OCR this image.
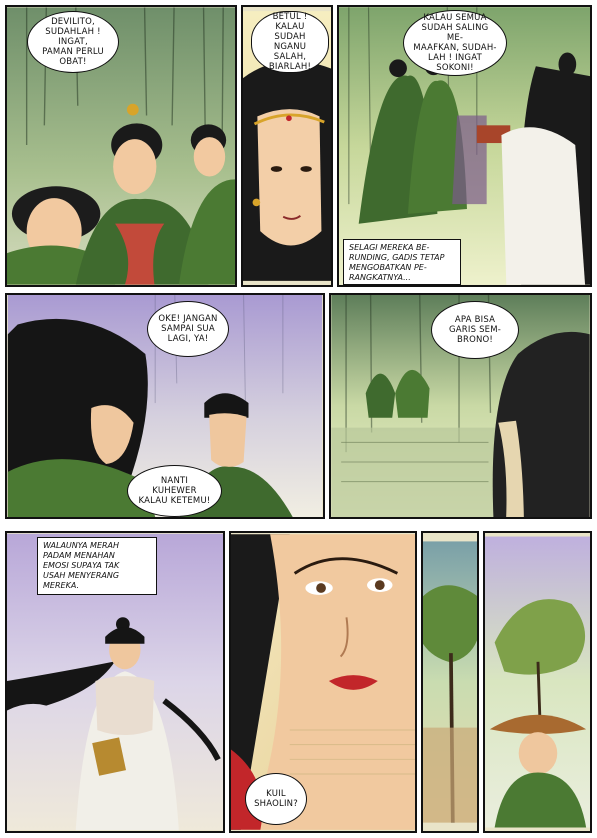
DEVILITO,
SUDAHLAH ! INGAT,
PAMAN PERLU
OBAT!
BETUL !
KALAU SUDAH
NGANU SALAH,
BIARLAH!
KALAU SEMUA
SUDAH SALING ME-
MAAFKAN, SUDAH-
LAH ! INGAT
SOKONI!
SELAGI MEREKA BE-
RUNDING, GADIS TETAP
MENGOBATKAN PE-
RANGKATNYA...
OKE! JANGAN
SAMPAI SUA
LAGI, YA!
NANTI
KUHEWER
KALAU KETEMU!
APA BISA
GARIS SEM-
BRONO!
WALAUNYA MERAH
PADAM MENAHAN
EMOSI SUPAYA TAK
USAH MENYERANG
MEREKA.
KUIL
SHAOLIN?
